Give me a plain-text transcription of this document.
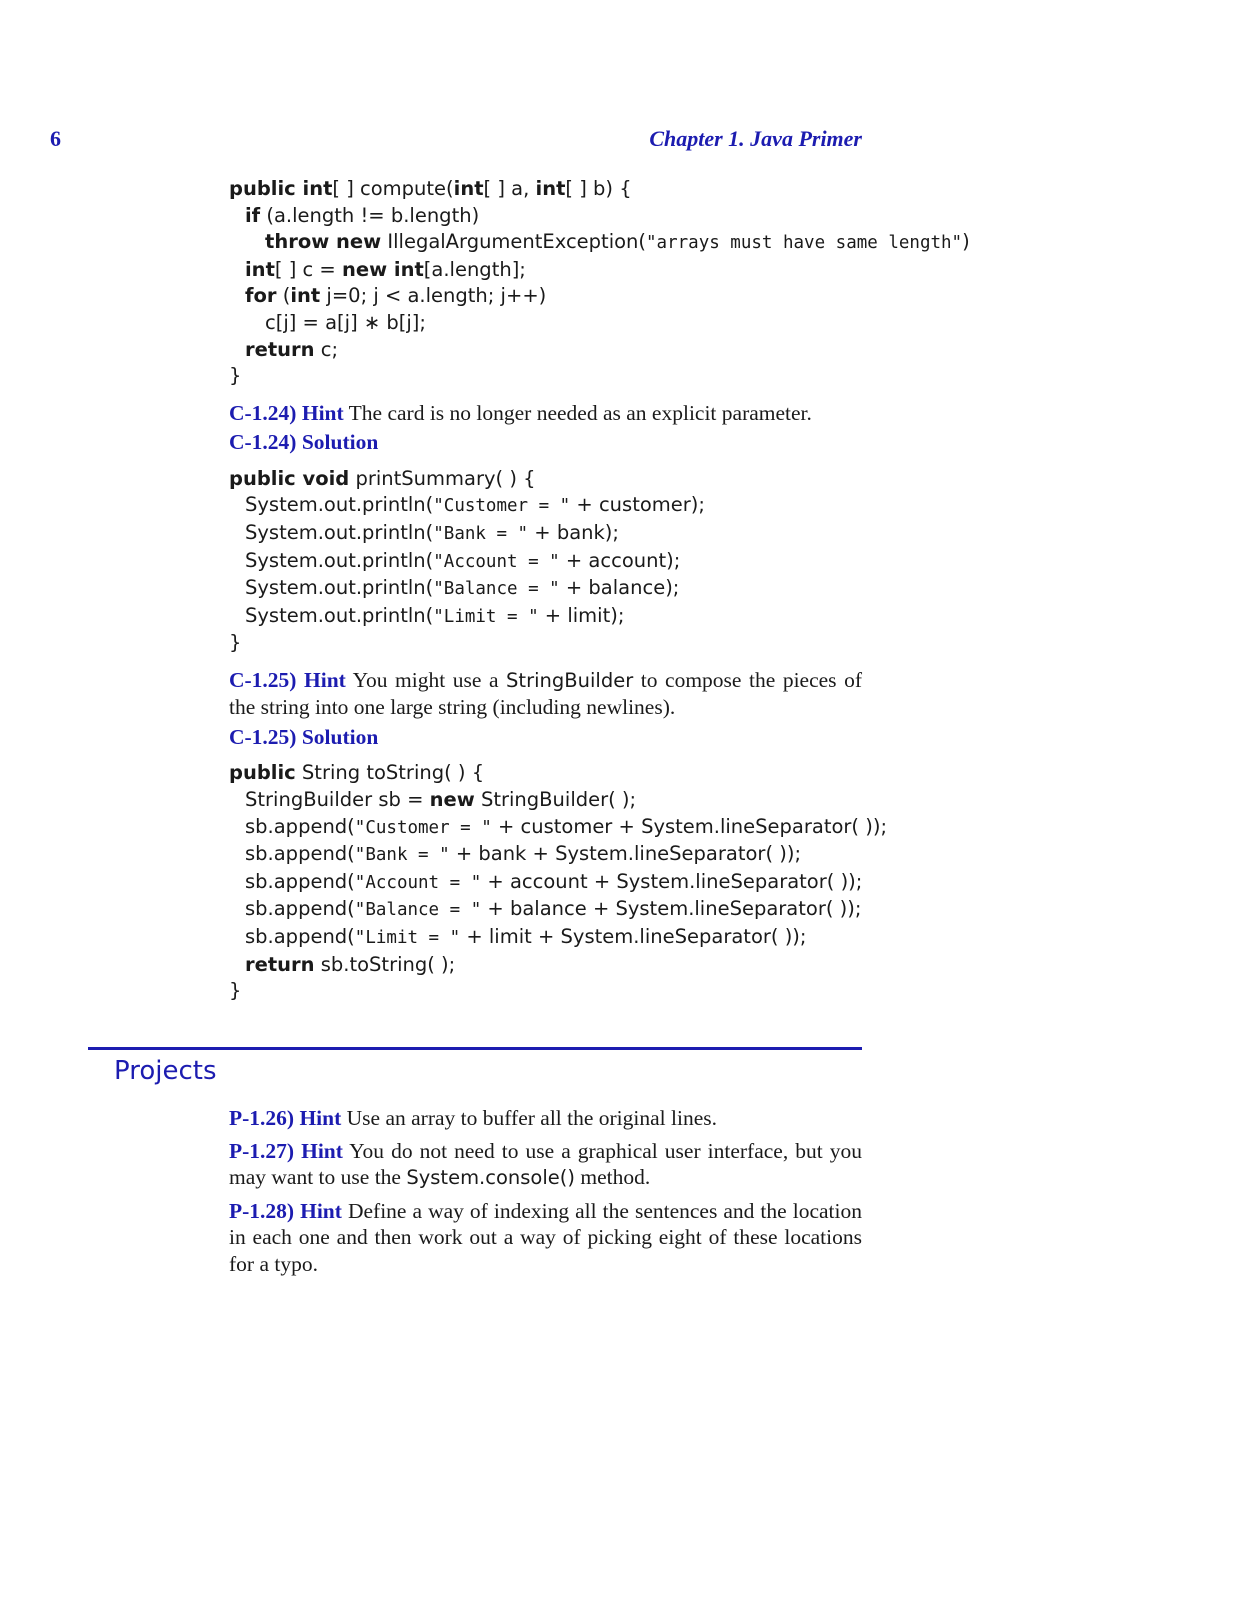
6	Chapter 1. Java Primer
public int[ ] compute(int[ ] a, int[ ] b) {
if (a.length != b.length)
throw new IllegalArgumentException("arrays must have same length")
int[ ] c = new int[a.length];
for (int j=0; j < a.length; j++)
c[j] = a[j] ∗ b[j];
return c;
}

C-1.24) Hint The card is no longer needed as an explicit parameter.

C-1.24) Solution

public void printSummary( ) {
System.out.println("Customer = " + customer);
System.out.println("Bank = " + bank);
System.out.println("Account = " + account);
System.out.println("Balance = " + balance);
System.out.println("Limit = " + limit);
}

C-1.25) Hint You might use a StringBuilder to compose the pieces of the string into one large string (including newlines).

C-1.25) Solution

public String toString( ) {
StringBuilder sb = new StringBuilder( );
sb.append("Customer = " + customer + System.lineSeparator( ));
sb.append("Bank = " + bank + System.lineSeparator( ));
sb.append("Account = " + account + System.lineSeparator( ));
sb.append("Balance = " + balance + System.lineSeparator( ));
sb.append("Limit = " + limit + System.lineSeparator( ));
return sb.toString( );
}
Projects

P-1.26) Hint Use an array to buffer all the original lines.

P-1.27) Hint You do not need to use a graphical user interface, but you may want to use the System.console() method.

P-1.28) Hint Define a way of indexing all the sentences and the location in each one and then work out a way of picking eight of these locations for a typo.
